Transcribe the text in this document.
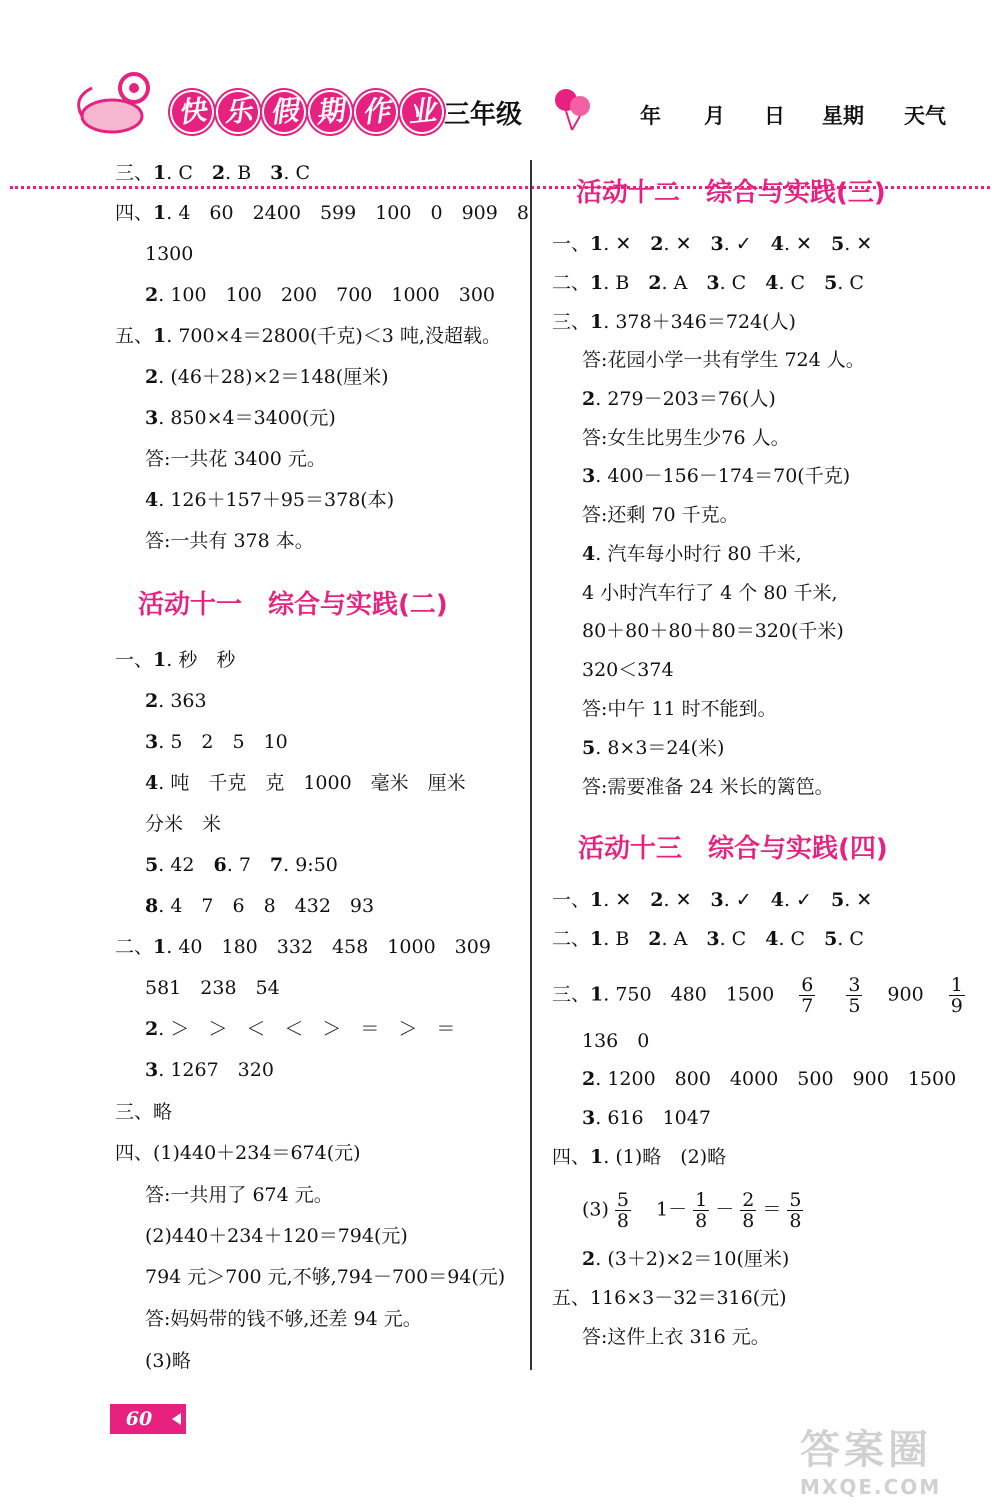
快 乐 假 期 作 业 三年级	年 月 日 星期 天气
三、1. C　2. B　3. C
四、1. 4　60　2400　599　100　0　909　8
1300
2. 100　100　200　700　1000　300
五、1. 700×4＝2800(千克)＜3 吨,没超载。
2. (46＋28)×2＝148(厘米)
3. 850×4＝3400(元)
答:一共花 3400 元。
4. 126＋157＋95＝378(本)
答:一共有 378 本。
活动十一　综合与实践(二)
一、1. 秒　秒
2. 363
3. 5　2　5　10
4. 吨　千克　克　1000　毫米　厘米
分米　米
5. 42　6. 7　7. 9:50
8. 4　7　6　8　432　93
二、1. 40　180　332　458　1000　309
581　238　54
2. ＞　＞　＜　＜　＞　＝　＞　＝
3. 1267　320
三、略
四、(1)440＋234＝674(元)
答:一共用了 674 元。
(2)440＋234＋120＝794(元)
794 元＞700 元,不够,794－700＝94(元)
答:妈妈带的钱不够,还差 94 元。
(3)略
活动十二　综合与实践(三)
一、1. ✕　2. ✕　3. ✓　4. ✕　5. ✕
二、1. B　2. A　3. C　4. C　5. C
三、1. 378＋346＝724(人)
答:花园小学一共有学生 724 人。
2. 279－203＝76(人)
答:女生比男生少76 人。
3. 400－156－174＝70(千克)
答:还剩 70 千克。
4. 汽车每小时行 80 千米,
4 小时汽车行了 4 个 80 千米,
80＋80＋80＋80＝320(千米)
320＜374
答:中午 11 时不能到。
5. 8×3＝24(米)
答:需要准备 24 米长的篱笆。
活动十三　综合与实践(四)
一、1. ✕　2. ✕　3. ✓　4. ✓　5. ✕
二、1. B　2. A　3. C　4. C　5. C
三、1. 750　480　1500　 $\frac{6}{7}$
　 $\frac{3}{5}$ 　900　 $\frac{1}{9}$
136　0
2. 1200　800　4000　500　900　1500
3. 616　1047
四、1. (1)略　(2)略
$(3) \frac{5}{8}$ 　$1- \frac{1}{8} - \frac{2}{8} = \frac{5}{8}$
2. (3＋2)×2＝10(厘米)
五、116×3－32＝316(元)
答:这件上衣 316 元。
60
答案圈
MXQE.COM
